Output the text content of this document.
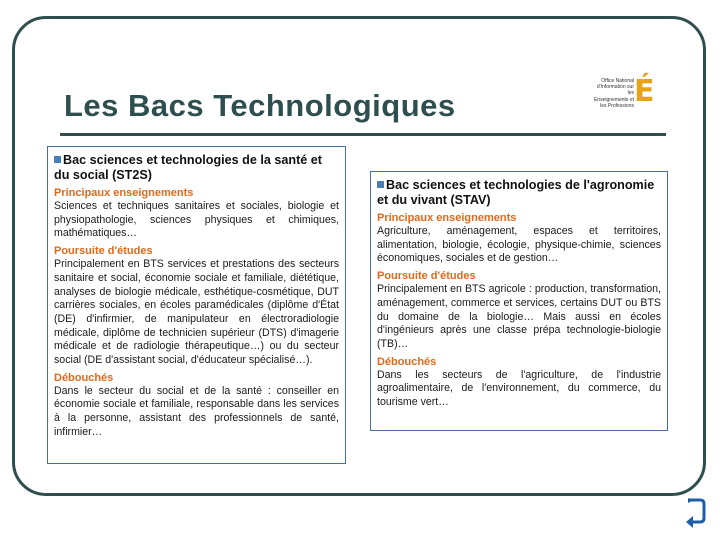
Les Bacs Technologiques
Office National d'Information sur les Enseignements et les Professions É
Bac sciences et technologies de la santé et du social (ST2S)
Principaux enseignements
Sciences et techniques sanitaires et sociales, biologie et physiopathologie, sciences physiques et chimiques, mathématiques…
Poursuite d'études
Principalement en BTS services et prestations des secteurs sanitaire et social, économie sociale et familiale, diététique, analyses de biologie médicale, esthétique-cosmétique, DUT carrières sociales, en écoles paramédicales (diplôme d'État (DE) d'infirmier, de manipulateur en électroradiologie médicale, diplôme de technicien supérieur (DTS) d'imagerie médicale et de radiologie thérapeutique…) ou du secteur social (DE d'assistant social, d'éducateur spécialisé…).
Débouchés
Dans le secteur du social et de la santé : conseiller en économie sociale et familiale, responsable dans les services à la personne, assistant des professionnels de santé, infirmier…
Bac sciences et technologies de l'agronomie et du vivant (STAV)
Principaux enseignements
Agriculture, aménagement, espaces et territoires, alimentation, biologie, écologie, physique-chimie, sciences économiques, sociales et de gestion…
Poursuite d'études
Principalement en BTS agricole : production, transformation, aménagement, commerce et services, certains DUT ou BTS du domaine de la biologie… Mais aussi en écoles d'ingénieurs après une classe prépa technologie-biologie (TB)…
Débouchés
Dans les secteurs de l'agriculture, de l'industrie agroalimentaire, de l'environnement, du commerce, du tourisme vert…
